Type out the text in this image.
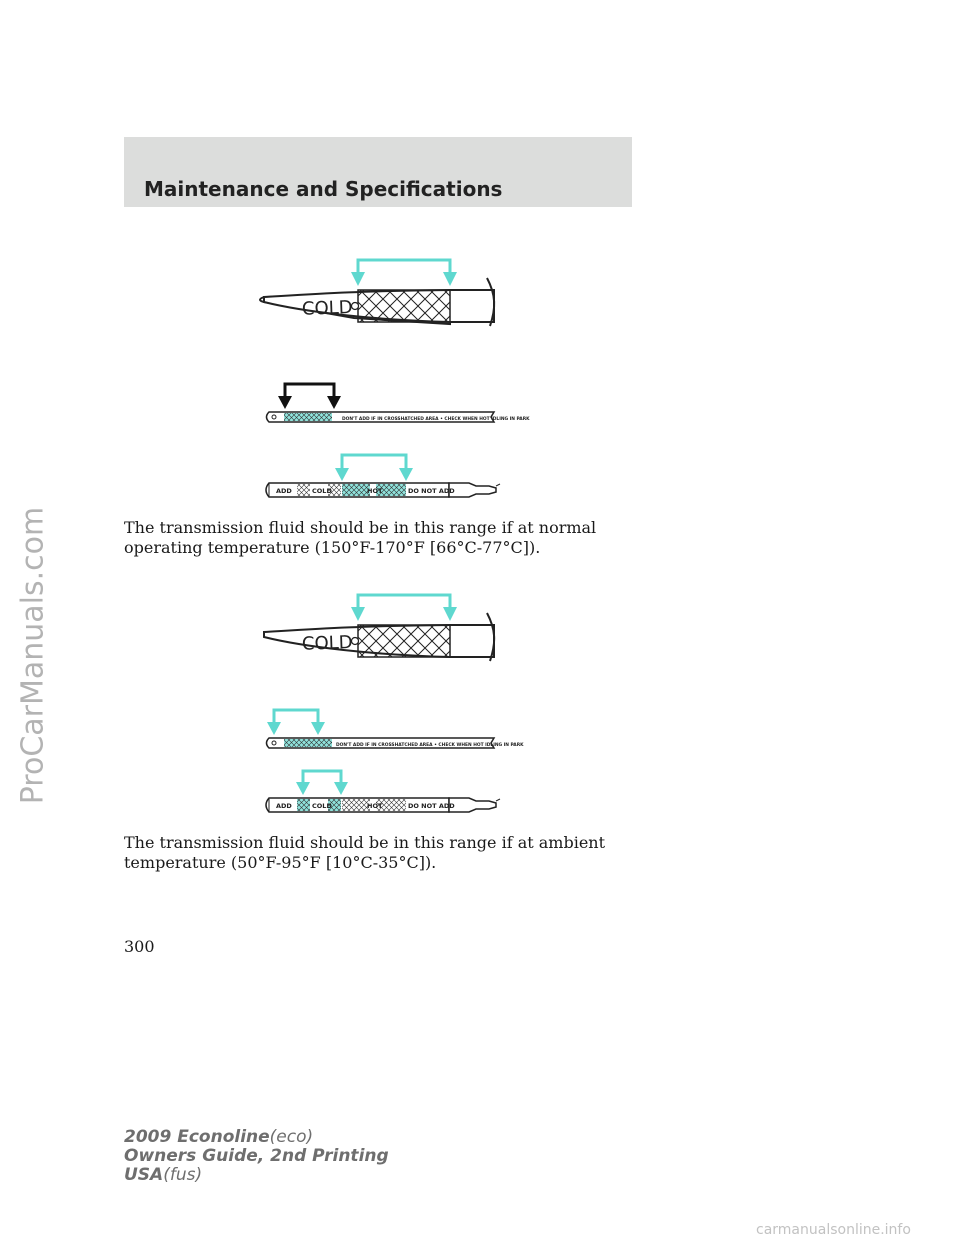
ProCarManuals.com
Maintenance and Specifications
COLD
DON'T ADD IF IN CROSSHATCHED AREA • CHECK WHEN HOT IDLING IN PARK
ADD	COLD	HOT	DO NOT ADD
The transmission fluid should be in this range if at normal operating temperature (150°F-170°F [66°C-77°C]).
COLD
DON'T ADD IF IN CROSSHATCHED AREA • CHECK WHEN HOT IDLING IN PARK
ADD	COLD	HOT	DO NOT ADD
The transmission fluid should be in this range if at ambient temperature (50°F-95°F [10°C-35°C]).
300
2009 Econoline(eco)
Owners Guide, 2nd Printing
USA(fus)
carmanualsonline.info
